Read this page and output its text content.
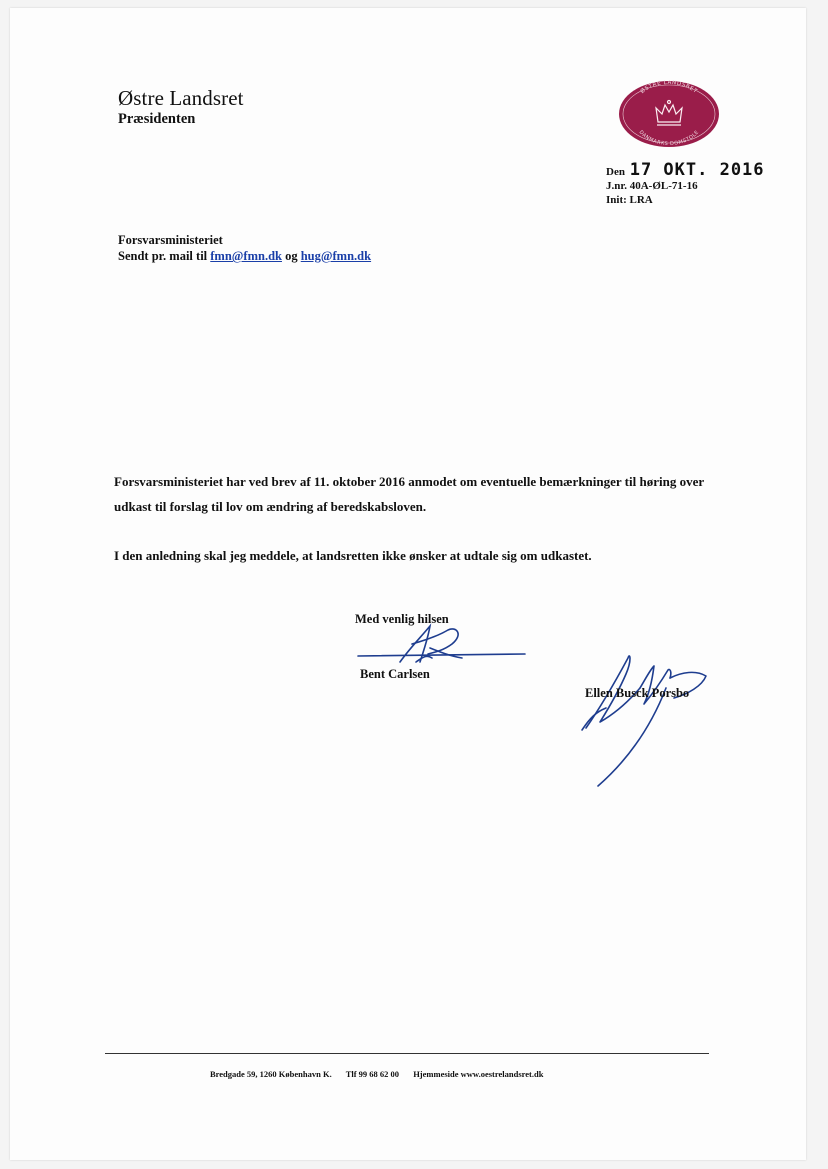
Østre Landsret
Præsidenten
ØSTRE LANDSRET
DANMARKS DOMSTOLE
Den 17 OKT. 2016
J.nr. 40A-ØL-71-16
Init: LRA
Forsvarsministeriet
Sendt pr. mail til fmn@fmn.dk og hug@fmn.dk
Forsvarsministeriet har ved brev af 11. oktober 2016 anmodet om eventuelle bemærkninger til høring over udkast til forslag til lov om ændring af beredskabsloven.
I den anledning skal jeg meddele, at landsretten ikke ønsker at udtale sig om udkastet.
Med venlig hilsen
Bent Carlsen
Ellen Busck Porsbo
Bredgade 59, 1260 København K. Tlf 99 68 62 00 Hjemmeside www.oestrelandsret.dk
